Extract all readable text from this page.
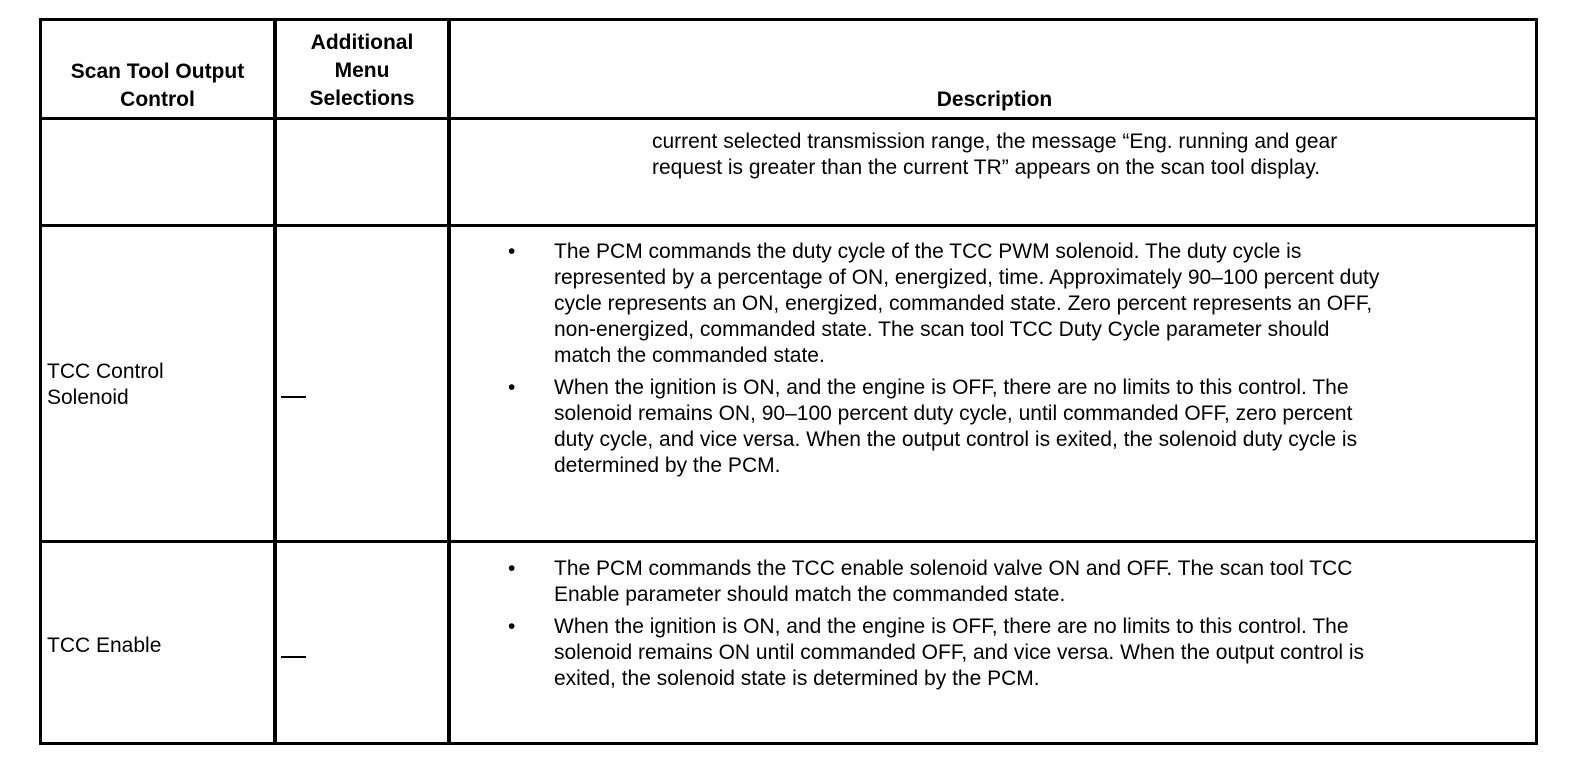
Scan Tool Output
Control
Additional
Menu
Selections	Description
current selected transmission range, the message “Eng. running and gear
request is greater than the current TR” appears on the scan tool display.
TCC Control
Solenoid
• The PCM commands the duty cycle of the TCC PWM solenoid. The duty cycle is
represented by a percentage of ON, energized, time. Approximately 90–100 percent duty
cycle represents an ON, energized, commanded state. Zero percent represents an OFF,
non-energized, commanded state. The scan tool TCC Duty Cycle parameter should
match the commanded state.
• When the ignition is ON, and the engine is OFF, there are no limits to this control. The
solenoid remains ON, 90–100 percent duty cycle, until commanded OFF, zero percent
duty cycle, and vice versa. When the output control is exited, the solenoid duty cycle is
determined by the PCM.
TCC Enable
• The PCM commands the TCC enable solenoid valve ON and OFF. The scan tool TCC
Enable parameter should match the commanded state.
• When the ignition is ON, and the engine is OFF, there are no limits to this control. The
solenoid remains ON until commanded OFF, and vice versa. When the output control is
exited, the solenoid state is determined by the PCM.
